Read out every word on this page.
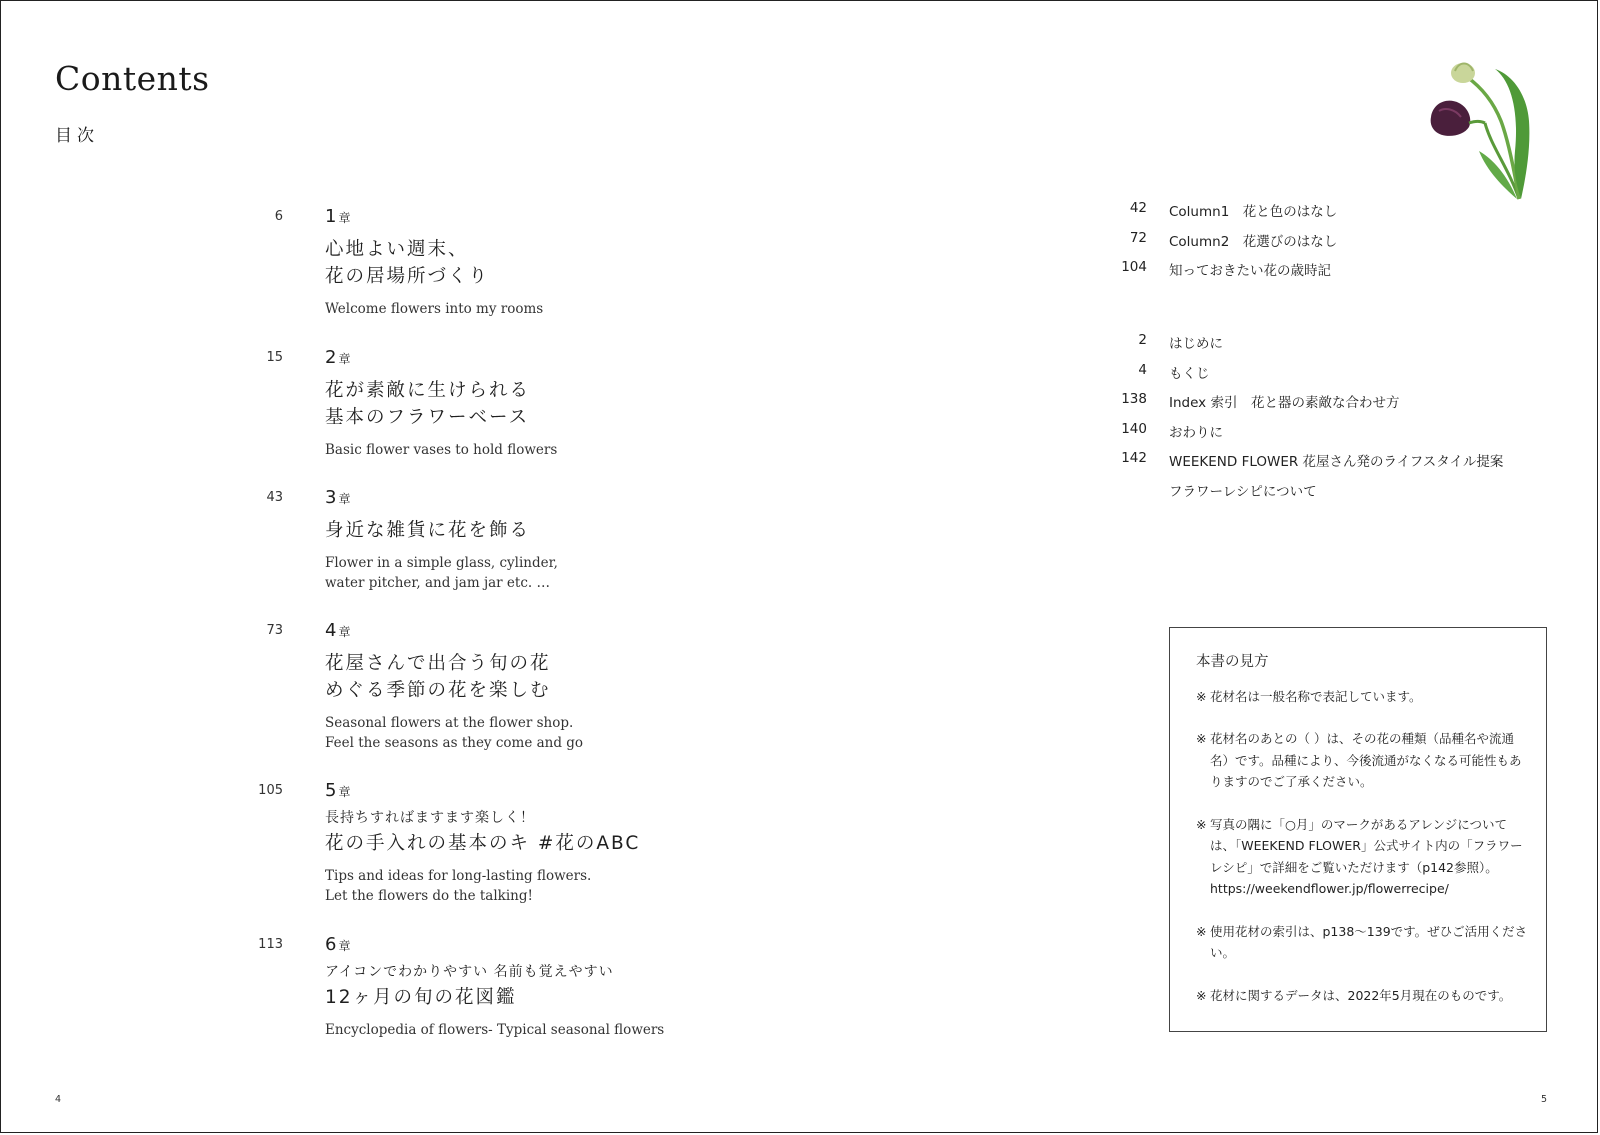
Contents
目次
6 1 章
心地よい週末、
花の居場所づくり
Welcome flowers into my rooms
15 2 章
花が素敵に生けられる
基本のフラワーベース
Basic flower vases to hold flowers
43 3 章
身近な雑貨に花を飾る
Flower in a simple glass, cylinder,
water pitcher, and jam jar etc. …
73 4 章
花屋さんで出合う旬の花
めぐる季節の花を楽しむ
Seasonal flowers at the flower shop.
Feel the seasons as they come and go
105 5 章
長持ちすればますます楽しく！
花の手入れの基本のキ #花のABC
Tips and ideas for long-lasting flowers.
Let the flowers do the talking!
113 6 章
アイコンでわかりやすい 名前も覚えやすい
12ヶ月の旬の花図鑑
Encyclopedia of flowers- Typical seasonal flowers
42 Column1　花と色のはなし
72 Column2　花選びのはなし
104 知っておきたい花の歳時記
2 はじめに
4 もくじ
138 Index 索引　花と器の素敵な合わせ方
140 おわりに
142 WEEKEND FLOWER 花屋さん発のライフスタイル提案
フラワーレシピについて
本書の見方
※ 花材名は一般名称で表記しています。
※ 花材名のあとの（ ）は、その花の種類（品種名や流通名）です。品種により、今後流通がなくなる可能性もありますのでご了承ください。
※ 写真の隅に「○月」のマークがあるアレンジについては、「WEEKEND FLOWER」公式サイト内の「フラワーレシピ」で詳細をご覧いただけます（p142参照）。https://weekendflower.jp/flowerrecipe/
※ 使用花材の索引は、p138〜139です。ぜひご活用ください。
※ 花材に関するデータは、2022年5月現在のものです。
4	5
